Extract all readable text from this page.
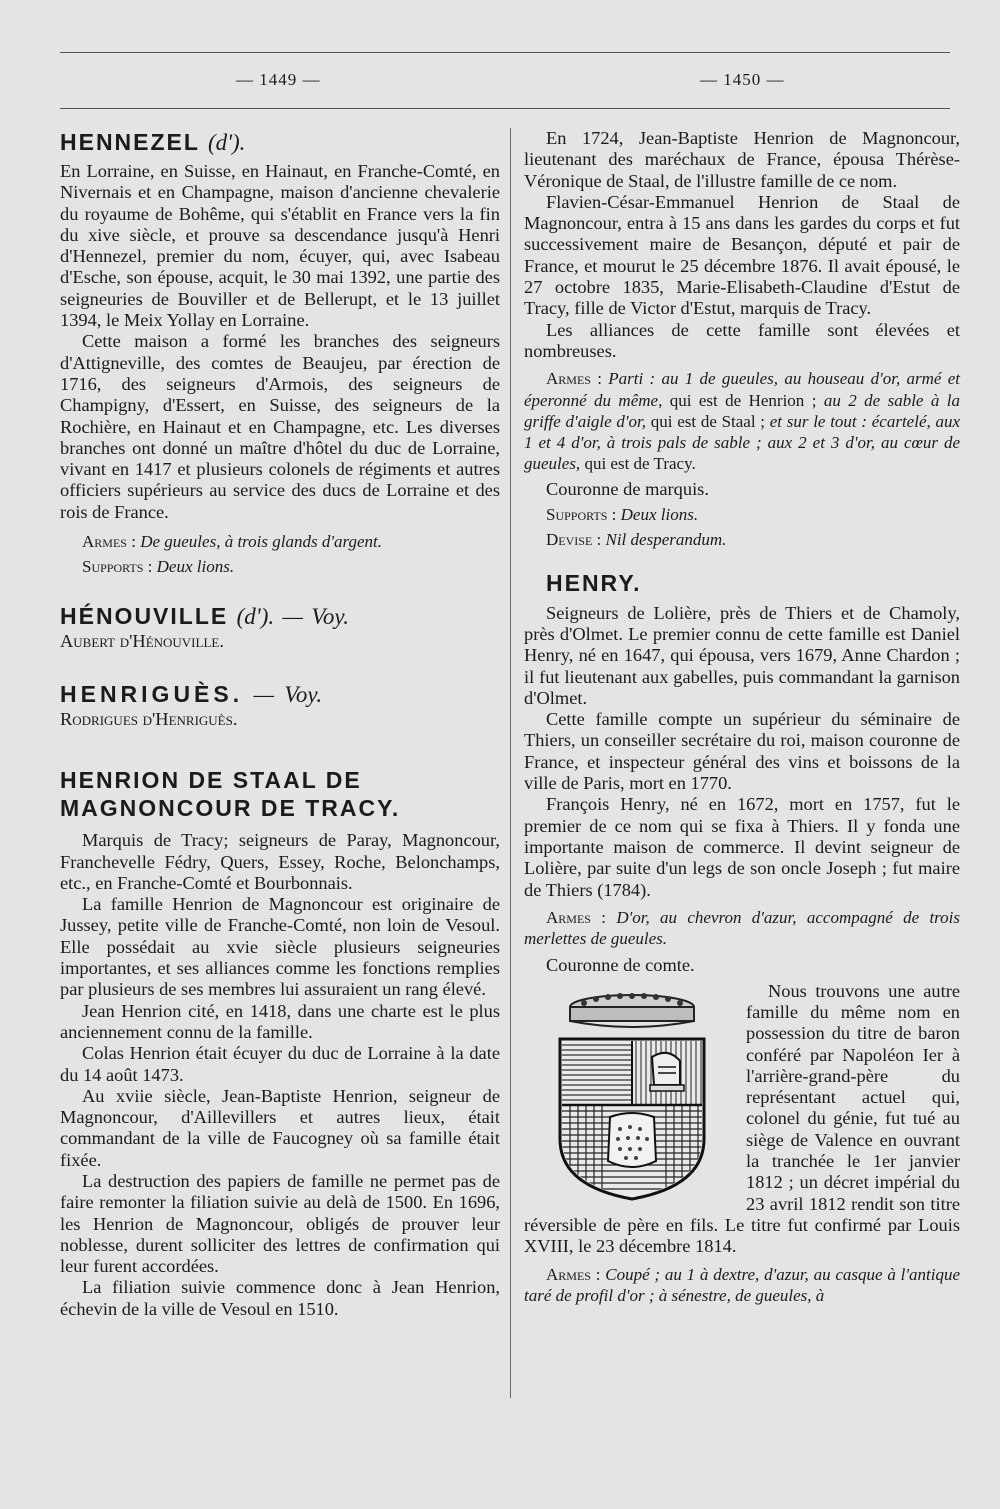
— 1449 —	— 1450 —
HENNEZEL (d').

En Lorraine, en Suisse, en Hainaut, en Franche-Comté, en Nivernais et en Champagne, maison d'ancienne chevalerie du royaume de Bohême, qui s'établit en France vers la fin du xive siècle, et prouve sa descendance jusqu'à Henri d'Hennezel, premier du nom, écuyer, qui, avec Isabeau d'Esche, son épouse, acquit, le 30 mai 1392, une partie des seigneuries de Bouviller et de Bellerupt, et le 13 juillet 1394, le Meix Yollay en Lorraine.

Cette maison a formé les branches des seigneurs d'Attigneville, des comtes de Beaujeu, par érection de 1716, des seigneurs d'Armois, des seigneurs de Champigny, d'Essert, en Suisse, des seigneurs de la Rochière, en Hainaut et en Champagne, etc. Les diverses branches ont donné un maître d'hôtel du duc de Lorraine, vivant en 1417 et plusieurs colonels de régiments et autres officiers supérieurs au service des ducs de Lorraine et des rois de France.

Armes : De gueules, à trois glands d'argent.

Supports : Deux lions.

HÉNOUVILLE (d'). — Voy.

Aubert d'Hénouville.

HENRIGUÈS. — Voy.

Rodrigues d'Henriguès.

HENRION DE STAAL DE MAGNONCOUR DE TRACY.

Marquis de Tracy; seigneurs de Paray, Magnoncour, Franchevelle Fédry, Quers, Essey, Roche, Belonchamps, etc., en Franche-Comté et Bourbonnais.

La famille Henrion de Magnoncour est originaire de Jussey, petite ville de Franche-Comté, non loin de Vesoul. Elle possédait au xvie siècle plusieurs seigneuries importantes, et ses alliances comme les fonctions remplies par plusieurs de ses membres lui assuraient un rang élevé.

Jean Henrion cité, en 1418, dans une charte est le plus anciennement connu de la famille.

Colas Henrion était écuyer du duc de Lorraine à la date du 14 août 1473.

Au xviie siècle, Jean-Baptiste Henrion, seigneur de Magnoncour, d'Aillevillers et autres lieux, était commandant de la ville de Faucogney où sa famille était fixée.

La destruction des papiers de famille ne permet pas de faire remonter la filiation suivie au delà de 1500. En 1696, les Henrion de Magnoncour, obligés de prouver leur noblesse, durent solliciter des lettres de confirmation qui leur furent accordées.

La filiation suivie commence donc à Jean Henrion, échevin de la ville de Vesoul en 1510.

En 1724, Jean-Baptiste Henrion de Magnoncour, lieutenant des maréchaux de France, épousa Thérèse-Véronique de Staal, de l'illustre famille de ce nom.

Flavien-César-Emmanuel Henrion de Staal de Magnoncour, entra à 15 ans dans les gardes du corps et fut successivement maire de Besançon, député et pair de France, et mourut le 25 décembre 1876. Il avait épousé, le 27 octobre 1835, Marie-Elisabeth-Claudine d'Estut de Tracy, fille de Victor d'Estut, marquis de Tracy.

Les alliances de cette famille sont élevées et nombreuses.

Armes : Parti : au 1 de gueules, au houseau d'or, armé et éperonné du même, qui est de Henrion ; au 2 de sable à la griffe d'aigle d'or, qui est de Staal ; et sur le tout : écartelé, aux 1 et 4 d'or, à trois pals de sable ; aux 2 et 3 d'or, au cœur de gueules, qui est de Tracy.

Couronne de marquis.

Supports : Deux lions.

Devise : Nil desperandum.

HENRY.

Seigneurs de Lolière, près de Thiers et de Chamoly, près d'Olmet. Le premier connu de cette famille est Daniel Henry, né en 1647, qui épousa, vers 1679, Anne Chardon ; il fut lieutenant aux gabelles, puis commandant la garnison d'Olmet.

Cette famille compte un supérieur du séminaire de Thiers, un conseiller secrétaire du roi, maison couronne de France, et inspecteur général des vins et boissons de la ville de Paris, mort en 1770.

François Henry, né en 1672, mort en 1757, fut le premier de ce nom qui se fixa à Thiers. Il y fonda une importante maison de commerce. Il devint seigneur de Lolière, par suite d'un legs de son oncle Joseph ; fut maire de Thiers (1784).

Armes : D'or, au chevron d'azur, accompagné de trois merlettes de gueules.

Couronne de comte.

Nous trouvons une autre famille du même nom en possession du titre de baron conféré par Napoléon Ier à l'arrière-grand-père du représentant actuel qui, colonel du génie, fut tué au siège de Valence en ouvrant la tranchée le 1er janvier 1812 ; un décret impérial du 23 avril 1812 rendit son titre réversible de père en fils. Le titre fut confirmé par Louis XVIII, le 23 décembre 1814.

Armes : Coupé ; au 1 à dextre, d'azur, au casque à l'antique taré de profil d'or ; à sénestre, de gueules, à
